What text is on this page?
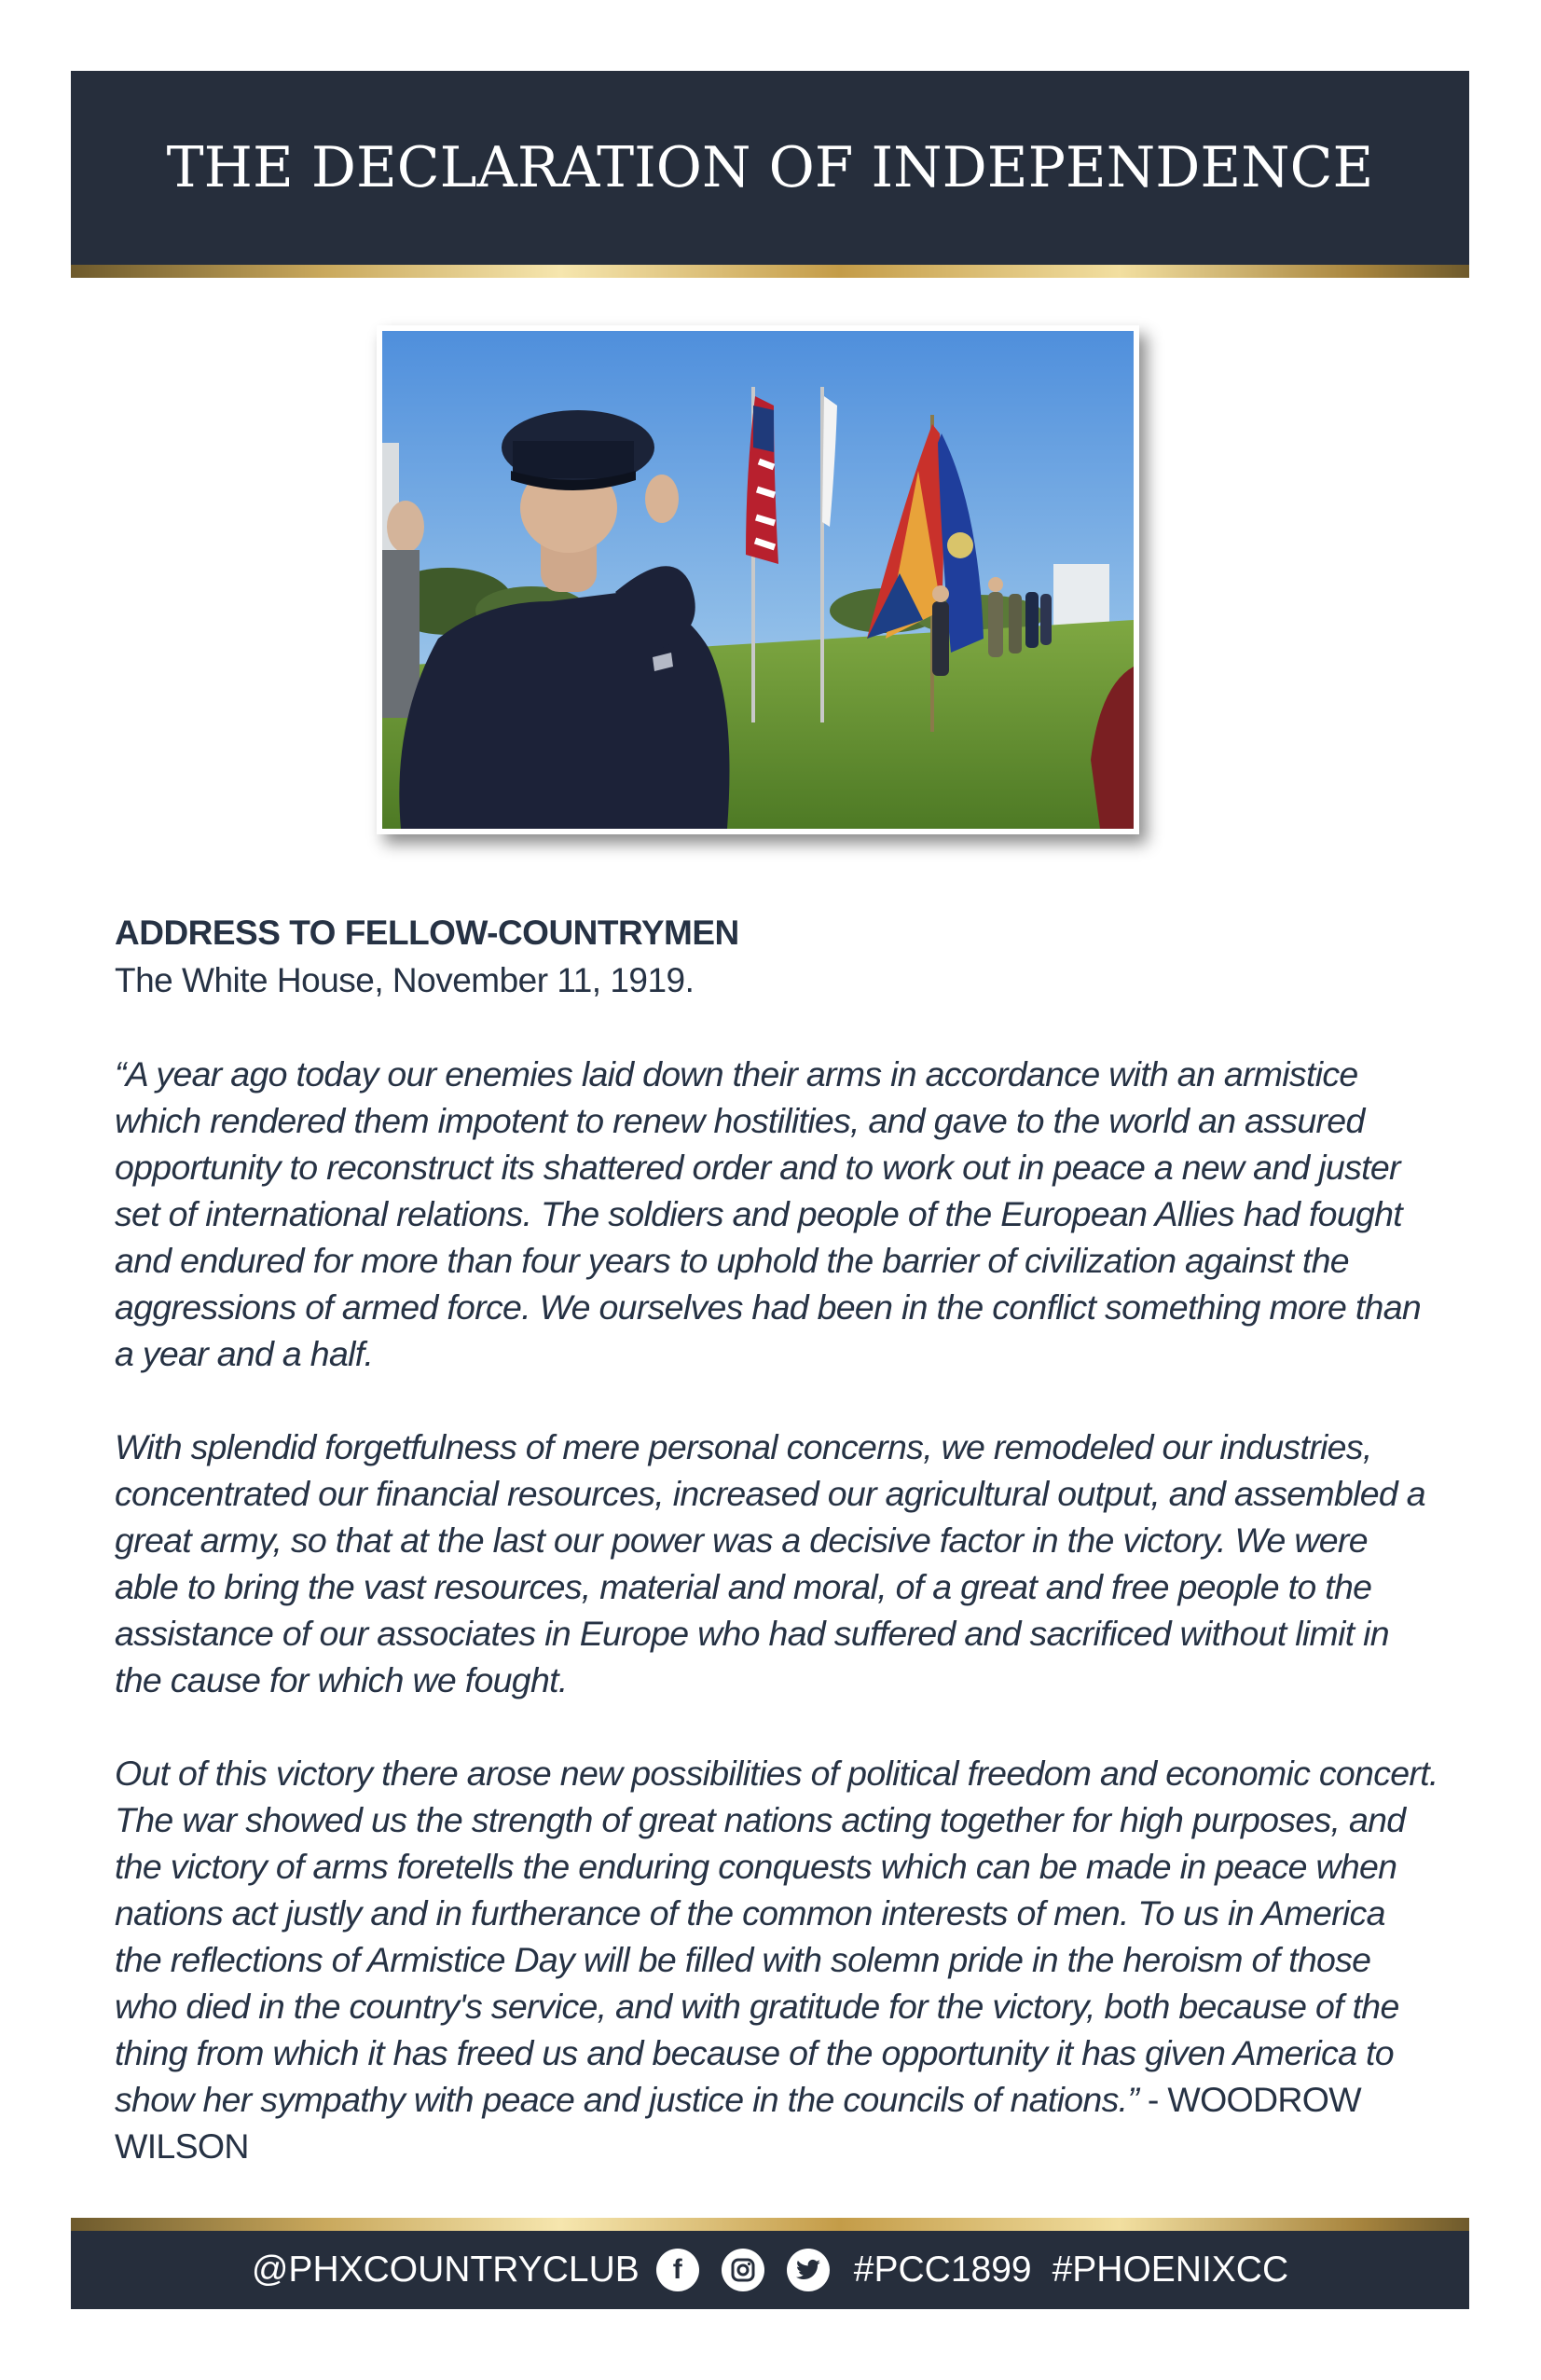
THE DECLARATION OF INDEPENDENCE

ADDRESS TO FELLOW-COUNTRYMEN

The White House, November 11, 1919.

“A year ago today our enemies laid down their arms in accordance with an armistice which rendered them impotent to renew hostilities, and gave to the world an assured opportunity to reconstruct its shattered order and to work out in peace a new and juster set of international relations. The soldiers and people of the European Allies had fought and endured for more than four years to uphold the barrier of civilization against the aggressions of armed force. We ourselves had been in the conflict something more than a year and a half.

With splendid forgetfulness of mere personal concerns, we remodeled our industries, concentrated our financial resources, increased our agricultural output, and assembled a great army, so that at the last our power was a decisive factor in the victory. We were able to bring the vast resources, material and moral, of a great and free people to the assistance of our associates in Europe who had suffered and sacrificed without limit in the cause for which we fought.

Out of this victory there arose new possibilities of political freedom and economic concert. The war showed us the strength of great nations acting together for high purposes, and the victory of arms foretells the enduring conquests which can be made in peace when nations act justly and in furtherance of the common interests of men. To us in America the reflections of Armistice Day will be filled with solemn pride in the heroism of those who died in the country's service, and with gratitude for the victory, both because of the thing from which it has freed us and because of the opportunity it has given America to show her sympathy with peace and justice in the councils of nations.” - WOODROW WILSON

@PHXCOUNTRYCLUB f	#PCC1899 #PHOENIXCC
